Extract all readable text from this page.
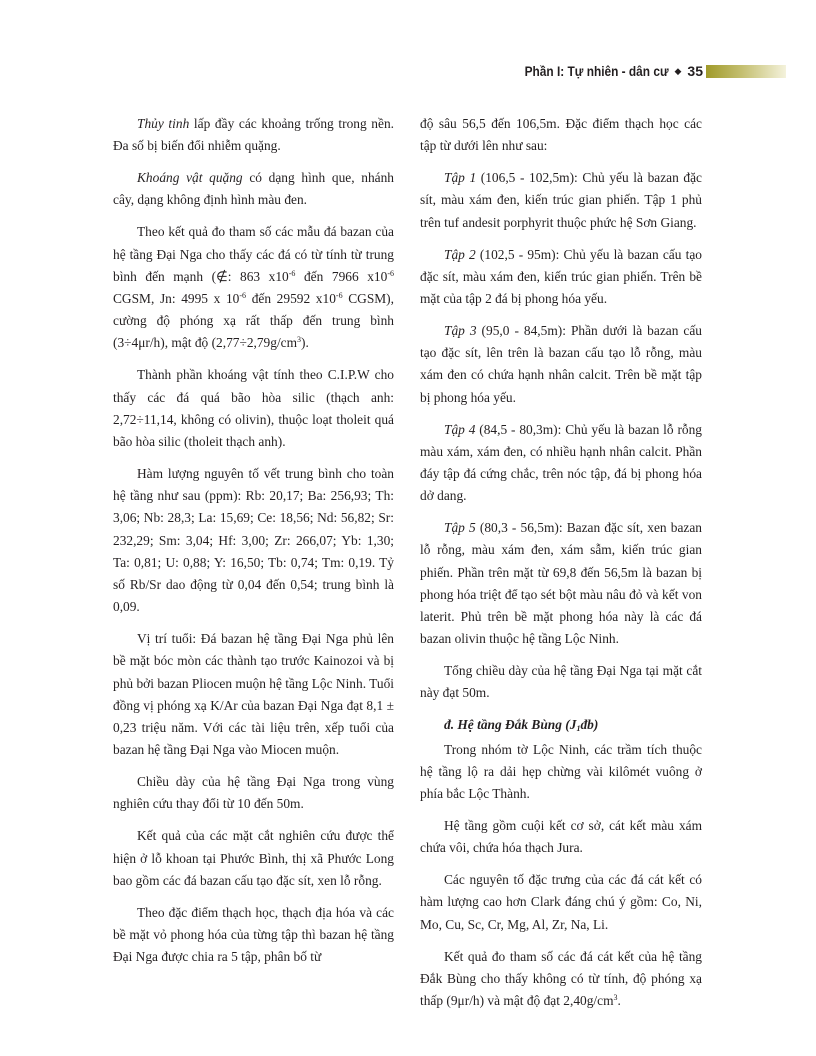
Phần I: Tự nhiên - dân cư ◆ 35

Thủy tinh lấp đầy các khoảng trống trong nền. Đa số bị biến đổi nhiễm quặng.

Khoáng vật quặng có dạng hình que, nhánh cây, dạng không định hình màu đen.

Theo kết quả đo tham số các mẫu đá bazan của hệ tầng Đại Nga cho thấy các đá có từ tính từ trung bình đến mạnh (∉: 863 $x10^{-6}$ đến 7966 $x10^{-6}$ CGSM, Jn: 4995 x $10^{-6}$ đến 29592 $x10^{-6}$ CGSM), cường độ phóng xạ rất thấp đến trung bình (3÷4μr/h), mật độ $(2,77\div 2,79g/cm^3)$.

Thành phần khoáng vật tính theo C.I.P.W cho thấy các đá quá bão hòa silic (thạch anh: 2,72÷11,14, không có olivin), thuộc loạt tholeit quá bão hòa silic (tholeit thạch anh).

Hàm lượng nguyên tố vết trung bình cho toàn hệ tầng như sau (ppm): Rb: 20,17; Ba: 256,93; Th: 3,06; Nb: 28,3; La: 15,69; Ce: 18,56; Nd: 56,82; Sr: 232,29; Sm: 3,04; Hf: 3,00; Zr: 266,07; Yb: 1,30; Ta: 0,81; U: 0,88; Y: 16,50; Tb: 0,74; Tm: 0,19. Tỷ số Rb/Sr dao động từ 0,04 đến 0,54; trung bình là 0,09.

Vị trí tuổi: Đá bazan hệ tầng Đại Nga phủ lên bề mặt bóc mòn các thành tạo trước Kainozoi và bị phủ bởi bazan Pliocen muộn hệ tầng Lộc Ninh. Tuổi đồng vị phóng xạ K/Ar của bazan Đại Nga đạt 8,1 ± 0,23 triệu năm. Với các tài liệu trên, xếp tuổi của bazan hệ tầng Đại Nga vào Miocen muộn.

Chiều dày của hệ tầng Đại Nga trong vùng nghiên cứu thay đổi từ 10 đến 50m.

Kết quả của các mặt cắt nghiên cứu được thể hiện ở lỗ khoan tại Phước Bình, thị xã Phước Long bao gồm các đá bazan cấu tạo đặc sít, xen lỗ rỗng.

Theo đặc điểm thạch học, thạch địa hóa và các bề mặt vỏ phong hóa của từng tập thì bazan hệ tầng Đại Nga được chia ra 5 tập, phân bố từ

độ sâu 56,5 đến 106,5m. Đặc điểm thạch học các tập từ dưới lên như sau:

Tập 1 (106,5 - 102,5m): Chủ yếu là bazan đặc sít, màu xám đen, kiến trúc gian phiến. Tập 1 phủ trên tuf andesit porphyrit thuộc phức hệ Sơn Giang.

Tập 2 (102,5 - 95m): Chủ yếu là bazan cấu tạo đặc sít, màu xám đen, kiến trúc gian phiến. Trên bề mặt của tập 2 đá bị phong hóa yếu.

Tập 3 (95,0 - 84,5m): Phần dưới là bazan cấu tạo đặc sít, lên trên là bazan cấu tạo lỗ rỗng, màu xám đen có chứa hạnh nhân calcit. Trên bề mặt tập bị phong hóa yếu.

Tập 4 (84,5 - 80,3m): Chủ yếu là bazan lỗ rỗng màu xám, xám đen, có nhiều hạnh nhân calcit. Phần đáy tập đá cứng chắc, trên nóc tập, đá bị phong hóa dở dang.

Tập 5 (80,3 - 56,5m): Bazan đặc sít, xen bazan lỗ rỗng, màu xám đen, xám sẫm, kiến trúc gian phiến. Phần trên mặt từ 69,8 đến 56,5m là bazan bị phong hóa triệt để tạo sét bột màu nâu đỏ và kết von laterit. Phủ trên bề mặt phong hóa này là các đá bazan olivin thuộc hệ tầng Lộc Ninh.

Tổng chiều dày của hệ tầng Đại Nga tại mặt cắt này đạt 50m.

đ. Hệ tầng Đắk Bùng $(J_1đb)$

Trong nhóm tờ Lộc Ninh, các trầm tích thuộc hệ tầng lộ ra dải hẹp chừng vài kilômét vuông ở phía bắc Lộc Thành.

Hệ tầng gồm cuội kết cơ sở, cát kết màu xám chứa vôi, chứa hóa thạch Jura.

Các nguyên tố đặc trưng của các đá cát kết có hàm lượng cao hơn Clark đáng chú ý gồm: Co, Ni, Mo, Cu, Sc, Cr, Mg, Al, Zr, Na, Li.

Kết quả đo tham số các đá cát kết của hệ tầng Đắk Bùng cho thấy không có từ tính, độ phóng xạ thấp (9μr/h) và mật độ đạt $2,40g/cm^3$.
